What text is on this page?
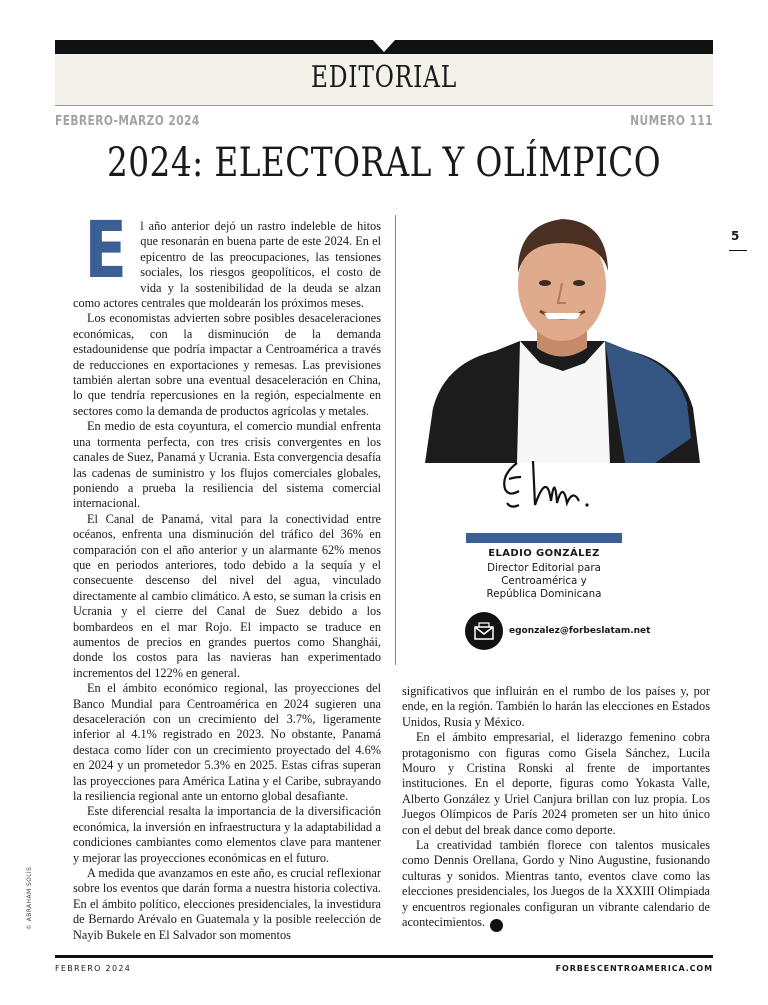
EDITORIAL
FEBRERO-MARZO 2024	NÚMERO 111
2024: ELECTORAL Y OLÍMPICO
5
E	l año anterior dejó un rastro indeleble de hitos que resonarán en buena parte de este 2024. En el epicentro de las preocupaciones, las tensiones sociales, los riesgos geopolíticos, el costo de vida y la sostenibilidad de la deuda se alzan como actores centrales que moldearán los próximos meses.

Los economistas advierten sobre posibles desaceleraciones económicas, con la disminución de la demanda estadounidense que podría impactar a Centroamérica a través de reducciones en exportaciones y remesas. Las previsiones también alertan sobre una eventual desaceleración en China, lo que tendría repercusiones en la región, especialmente en sectores como la demanda de productos agrícolas y metales.

En medio de esta coyuntura, el comercio mundial enfrenta una tormenta perfecta, con tres crisis convergentes en los canales de Suez, Panamá y Ucrania. Esta convergencia desafía las cadenas de suministro y los flujos comerciales globales, poniendo a prueba la resiliencia del sistema comercial internacional.

El Canal de Panamá, vital para la conectividad entre océanos, enfrenta una disminución del tráfico del 36% en comparación con el año anterior y un alarmante 62% menos que en periodos anteriores, todo debido a la sequía y el consecuente descenso del nivel del agua, vinculado directamente al cambio climático. A esto, se suman la crisis en Ucrania y el cierre del Canal de Suez debido a los bombardeos en el mar Rojo. El impacto se traduce en aumentos de precios en grandes puertos como Shanghái, donde los costos para las navieras han experimentado incrementos del 122% en general.

En el ámbito económico regional, las proyecciones del Banco Mundial para Centroamérica en 2024 sugieren una desaceleración con un crecimiento del 3.7%, ligeramente inferior al 4.1% registrado en 2023. No obstante, Panamá destaca como líder con un crecimiento proyectado del 4.6% en 2024 y un prometedor 5.3% en 2025. Estas cifras superan las proyecciones para América Latina y el Caribe, subrayando la resiliencia regional ante un entorno global desafiante.

Este diferencial resalta la importancia de la diversificación económica, la inversión en infraestructura y la adaptabilidad a condiciones cambiantes como elementos clave para mantener y mejorar las proyecciones económicas en el futuro.

A medida que avanzamos en este año, es crucial reflexionar sobre los eventos que darán forma a nuestra historia colectiva. En el ámbito político, elecciones presidenciales, la investidura de Bernardo Arévalo en Guatemala y la posible reelección de Nayib Bukele en El Salvador son momentos

significativos que influirán en el rumbo de los países y, por ende, en la región. También lo harán las elecciones en Estados Unidos, Rusia y México.

En el ámbito empresarial, el liderazgo femenino cobra protagonismo con figuras como Gisela Sánchez, Lucila Mouro y Cristina Ronski al frente de importantes instituciones. En el deporte, figuras como Yokasta Valle, Alberto González y Uriel Canjura brillan con luz propia. Los Juegos Olímpicos de París 2024 prometen ser un hito único con el debut del break dance como deporte.

La creatividad también florece con talentos musicales como Dennis Orellana, Gordo y Nino Augustine, fusionando culturas y sonidos. Mientras tanto, eventos clave como las elecciones presidenciales, los Juegos de la XXXIII Olimpiada y encuentros regionales configuran un vibrante calendario de acontecimientos. F

ELADIO GONZÁLEZ
Director Editorial para
Centroamérica y
República Dominicana
egonzalez@forbeslatam.net
© ABRAHAM SOLÍS
FEBRERO 2024	FORBESCENTROAMERICA.COM
